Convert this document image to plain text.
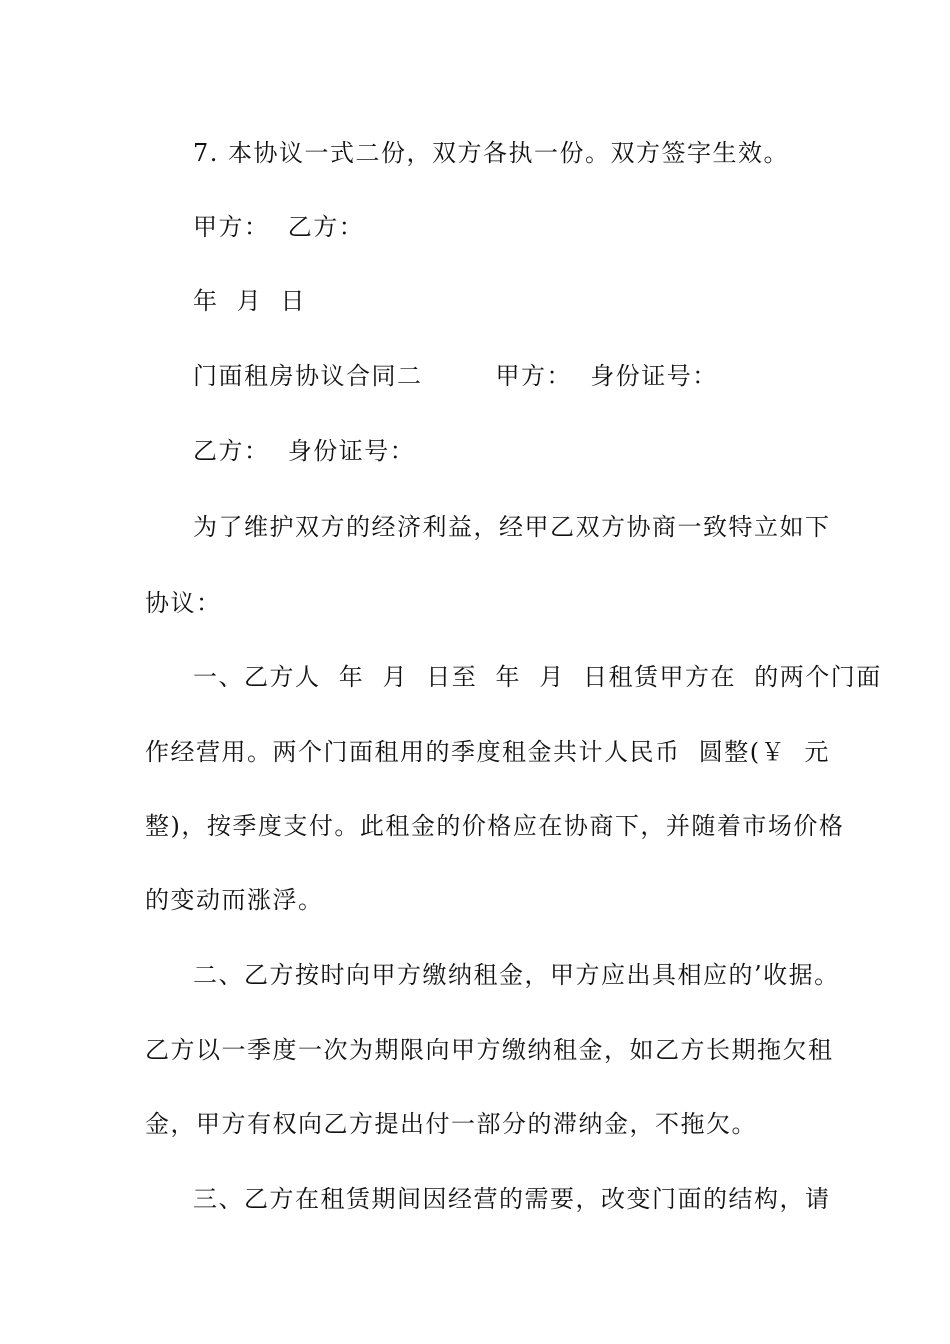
7. 本协议一式二份，双方各执一份。双方签字生效。
甲方：  乙方：
年  月  日
门面租房协议合同二        甲方：  身份证号：
乙方：  身份证号：
为了维护双方的经济利益，经甲乙双方协商一致特立如下
协议：
一、乙方人  年  月  日至  年  月  日租赁甲方在  的两个门面
作经营用。两个门面租用的季度租金共计人民币  圆整(￥  元
整)，按季度支付。此租金的价格应在协商下，并随着市场价格
的变动而涨浮。
二、乙方按时向甲方缴纳租金，甲方应出具相应的’收据。
乙方以一季度一次为期限向甲方缴纳租金，如乙方长期拖欠租
金，甲方有权向乙方提出付一部分的滞纳金，不拖欠。
三、乙方在租赁期间因经营的需要，改变门面的结构，请
